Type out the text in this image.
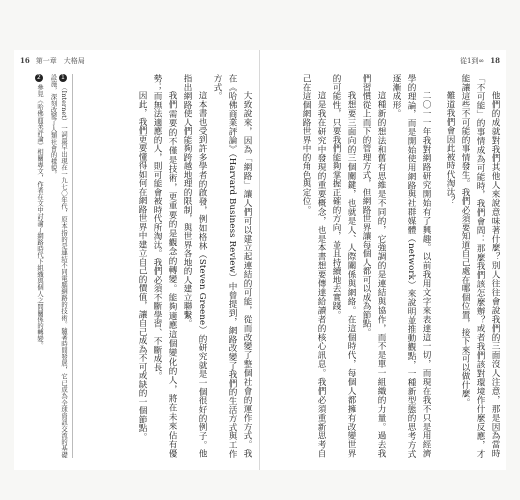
16 第一章　大格局
大致說來，因為「網路」讓人們可以建立起連結的可能，從而改變了整個社會的運作方式。我在《哈佛商業評論》（Harvard Business Review）中曾提到，網路改變了我們的生活方式與工作方式。
這本書也受到許多學者的啟發，例如格林（Steven Greene）的研究就是一個很好的例子。他指出網路使人們能夠跨越地理的限制，與世界各地的人建立聯繫。
我們需要的不僅是技術，更重要的是觀念的轉變。能夠適應這個變化的人，將在未來佔有優勢；而無法適應的人，則可能會被時代所淘汰。我們必須不斷學習、不斷成長。
因此，我們更要懂得如何在網路世界中建立自己的價值，讓自己成為不可或缺的一個節點。
1（Internet）一詞最早出現在一九七〇年代，原本指的是連結不同電腦網路的技術。隨著時間發展，它已成為全球資訊交流的基礎設施，深刻改變了人類社會的樣貌。
2參見《哈佛商業評論》相關專文，作者在文中討論了網路時代下組織與個人之間關係的轉變。
從1到∞ 18
他們的成就對我們其他人來說意味著什麼？別人往往會說我們的三面沒人注意，那是因為當時「不可能」的事情成為可能時，我們會問：那麼我們該怎麼辦？或者我們該對環境作什麼反應，才能讓這些不可能的事情發生。我們必須要知道自己處在哪個位置，接下來可以做什麼。
難道我們會因此被時代淘汰？
二〇一一年我對網路研究開始有了興趣。以前我用文字來表達這一切，而現在我不只是用經濟學的理論，而是開始使用網路與社群媒體（network）來說明並推動觀點，一種新型態的思考方式逐漸成形。
這種新的想法和舊有思維是不同的，它強調的是連結與協作，而不是單一組織的力量。過去我們習慣從上而下的管理方式，但網路世界讓每個人都可以成為節點。
我想要三面向的三個關鍵，也就是人、人際關係與網絡。在這個時代，每個人都擁有改變世界的可能性，只要我們能夠掌握正確的方向，並且持續地去實踐。
這是我在研究中發現的重要概念，也是本書想要傳達給讀者的核心訊息。我們必須重新思考自己在這個網路世界中的角色與定位。
